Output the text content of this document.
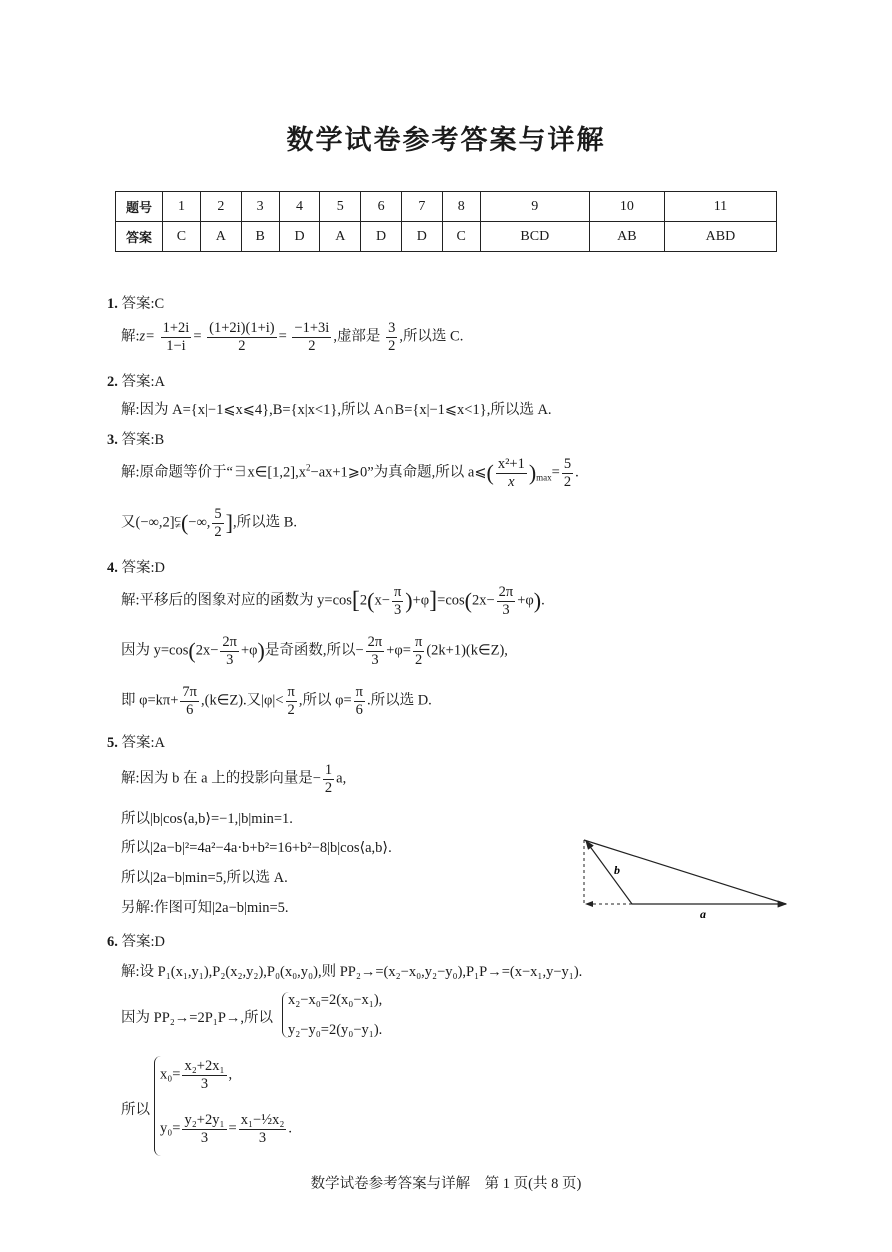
数学试卷参考答案与详解
题号	1	2	3	4	5	6	7	8	9	10	11
答案	C	A	B	D	A	D	D	C	BCD	AB	ABD
1. 答案:C
解:z= $\frac{1+2i}{1-i} = \frac{(1+2i)(1+i)}{2} = \frac{-1+3i}{2}$ ,虚部是 $\frac{3}{2}$ ,所以选 C.
2. 答案:A
解:因为 A={x|−1⩽x⩽4},B={x|x<1},所以 A∩B={x|−1⩽x<1},所以选 A.
3. 答案:B
解:原命题等价于“$\exists x\in[1,2],x^2-ax+1⩾0$”为真命题,所以 a⩽( $\frac{\text{x²+1}}{x} )_{max}= \frac{5}{2}$ .
又(−∞,2]⫋(−∞, $\frac{5}{2}$ ],所以选 B.
4. 答案:D
解:平移后的图象对应的函数为 $y=\cos[2(x- \frac{\pi}{3} )+\varphi]=\cos(2x- \frac{2\pi}{3} +\varphi)$.
因为 $y=\cos(2x- \frac{2\pi}{3} +\varphi)$是奇函数,所以− $\frac{2\pi}{3} +\varphi= \frac{\pi}{2}$ (2k+1)(k∈Z),
即 $\varphi=k\pi+ \frac{7\pi}{6}$ ,(k∈Z).又$|\varphi|< \frac{\pi}{2}$ ,所以 $\varphi= \frac{\pi}{6}$ .所以选 D.
5. 答案:A
解:因为 b 在 a 上的投影向量是− $\frac{1}{2} a$,
所以|b|cos⟨a,b⟩=−1,|b|min=1.
所以|2a−b|²=4a²−4a·b+b²=16+b²−8|b|cos⟨a,b⟩.
所以|2a−b|min=5,所以选 A.
另解:作图可知|2a−b|min=5.
b
a
6. 答案:D
解:设 P₁(x₁,y₁),P₂(x₂,y₂),P₀(x₀,y₀),则 PP₂→=(x₂−x₀,y₂−y₀),P₁P→=(x−x₁,y−y₁).
因为 PP₂→=2P₁P→,所以
x₂−x₀=2(x₀−x₁),
y₂−y₀=2(y₀−y₁).
所以
$x_0= \frac{\text{x₂+2x₁}}{3}$ ,
$y_0= \frac{\text{y₂+2y₁}}{3} = \frac{\text{x₁−½x₂}}{3}$ .
数学试卷参考答案与详解　第 1 页(共 8 页)
